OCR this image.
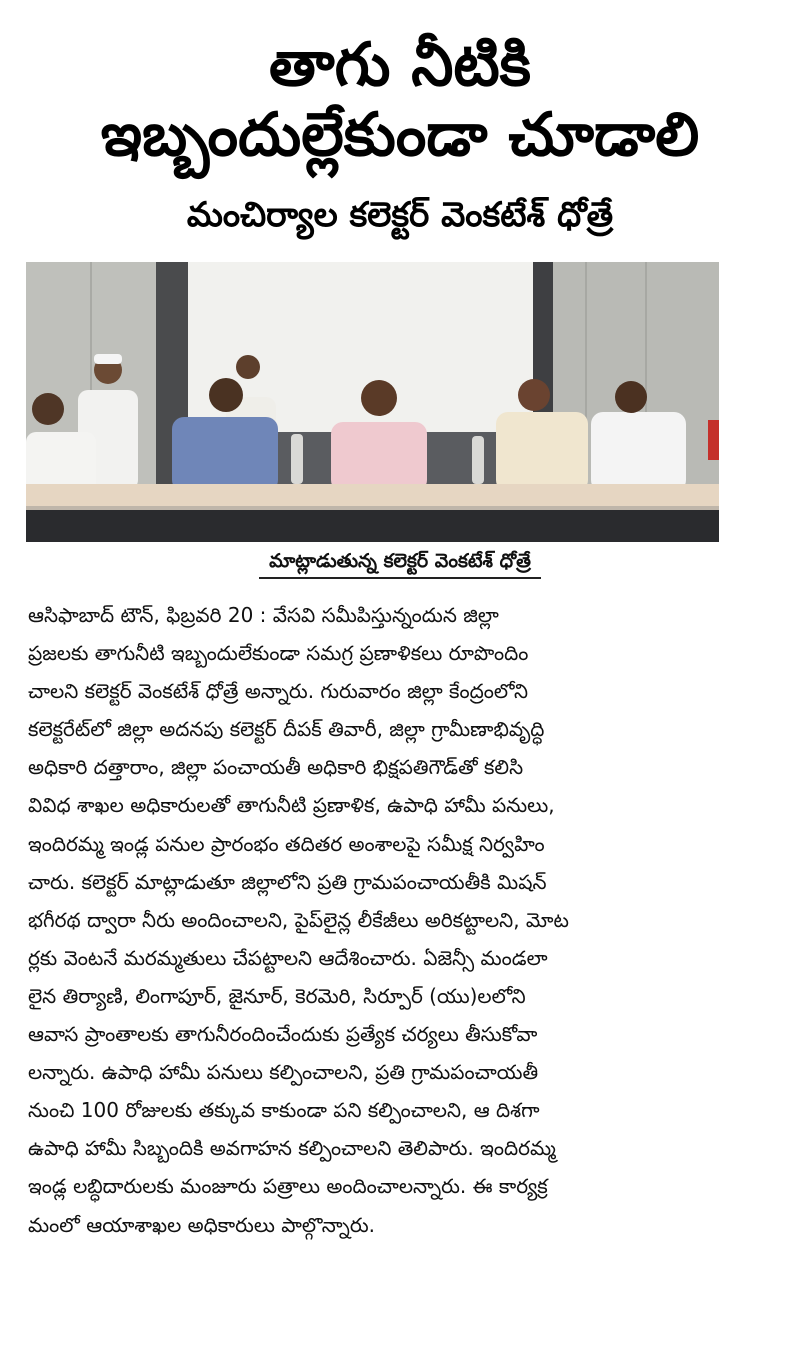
తాగు నీటికి
ఇబ్బందుల్లేకుండా చూడాలి
మంచిర్యాల కలెక్టర్ వెంకటేశ్ ధోత్రే
మాట్లాడుతున్న కలెక్టర్ వెంకటేశ్ ధోత్రే
ఆసిఫాబాద్ టౌన్, ఫిబ్రవరి 20 : వేసవి సమీపిస్తున్నందున జిల్లా
ప్రజలకు తాగునీటి ఇబ్బందులేకుండా సమగ్ర ప్రణాళికలు రూపొందిం
చాలని కలెక్టర్ వెంకటేశ్ ధోత్రే అన్నారు. గురువారం జిల్లా కేంద్రంలోని
కలెక్టరేట్‌లో జిల్లా అదనపు కలెక్టర్ దీపక్ తివారీ, జిల్లా గ్రామీణాభివృద్ధి
అధికారి దత్తారాం, జిల్లా పంచాయతీ అధికారి భిక్షపతిగౌడ్‌తో కలిసి
వివిధ శాఖల అధికారులతో తాగునీటి ప్రణాళిక, ఉపాధి హామీ పనులు,
ఇందిరమ్మ ఇండ్ల పనుల ప్రారంభం తదితర అంశాలపై సమీక్ష నిర్వహిం
చారు. కలెక్టర్ మాట్లాడుతూ జిల్లాలోని ప్రతి గ్రామపంచాయతీకి మిషన్
భగీరథ ద్వారా నీరు అందించాలని, పైప్‌లైన్ల లీకేజీలు అరికట్టాలని, మోట
ర్లకు వెంటనే మరమ్మతులు చేపట్టాలని ఆదేశించారు. ఏజెన్సీ మండలా
లైన తిర్యాణి, లింగాపూర్, జైనూర్, కెరమెరి, సిర్పూర్ (యు)లలోని
ఆవాస ప్రాంతాలకు తాగునీరందించేందుకు ప్రత్యేక చర్యలు తీసుకోవా
లన్నారు. ఉపాధి హామీ పనులు కల్పించాలని, ప్రతి గ్రామపంచాయతీ
నుంచి 100 రోజులకు తక్కువ కాకుండా పని కల్పించాలని, ఆ దిశగా
ఉపాధి హామీ సిబ్బందికి అవగాహన కల్పించాలని తెలిపారు. ఇందిరమ్మ
ఇండ్ల లబ్ధిదారులకు మంజూరు పత్రాలు అందించాలన్నారు. ఈ కార్యక్ర
మంలో ఆయాశాఖల అధికారులు పాల్గొన్నారు.
